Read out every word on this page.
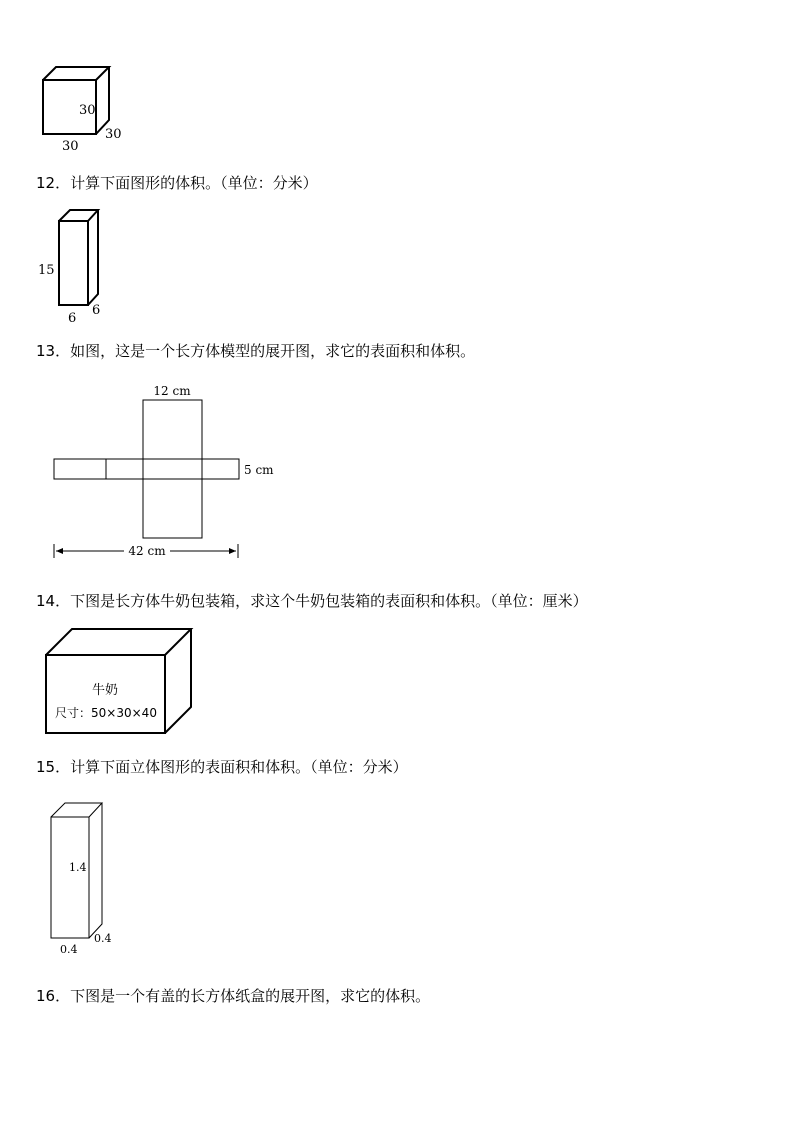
30
30
30
12．计算下面图形的体积。（单位：分米）
15
6
6
13．如图，这是一个长方体模型的展开图，求它的表面积和体积。
12 cm
5 cm
42 cm
14．下图是长方体牛奶包装箱，求这个牛奶包装箱的表面积和体积。（单位：厘米）
牛奶
尺寸：50×30×40
15．计算下面立体图形的表面积和体积。（单位：分米）
1.4
0.4
0.4
16．下图是一个有盖的长方体纸盒的展开图，求它的体积。
